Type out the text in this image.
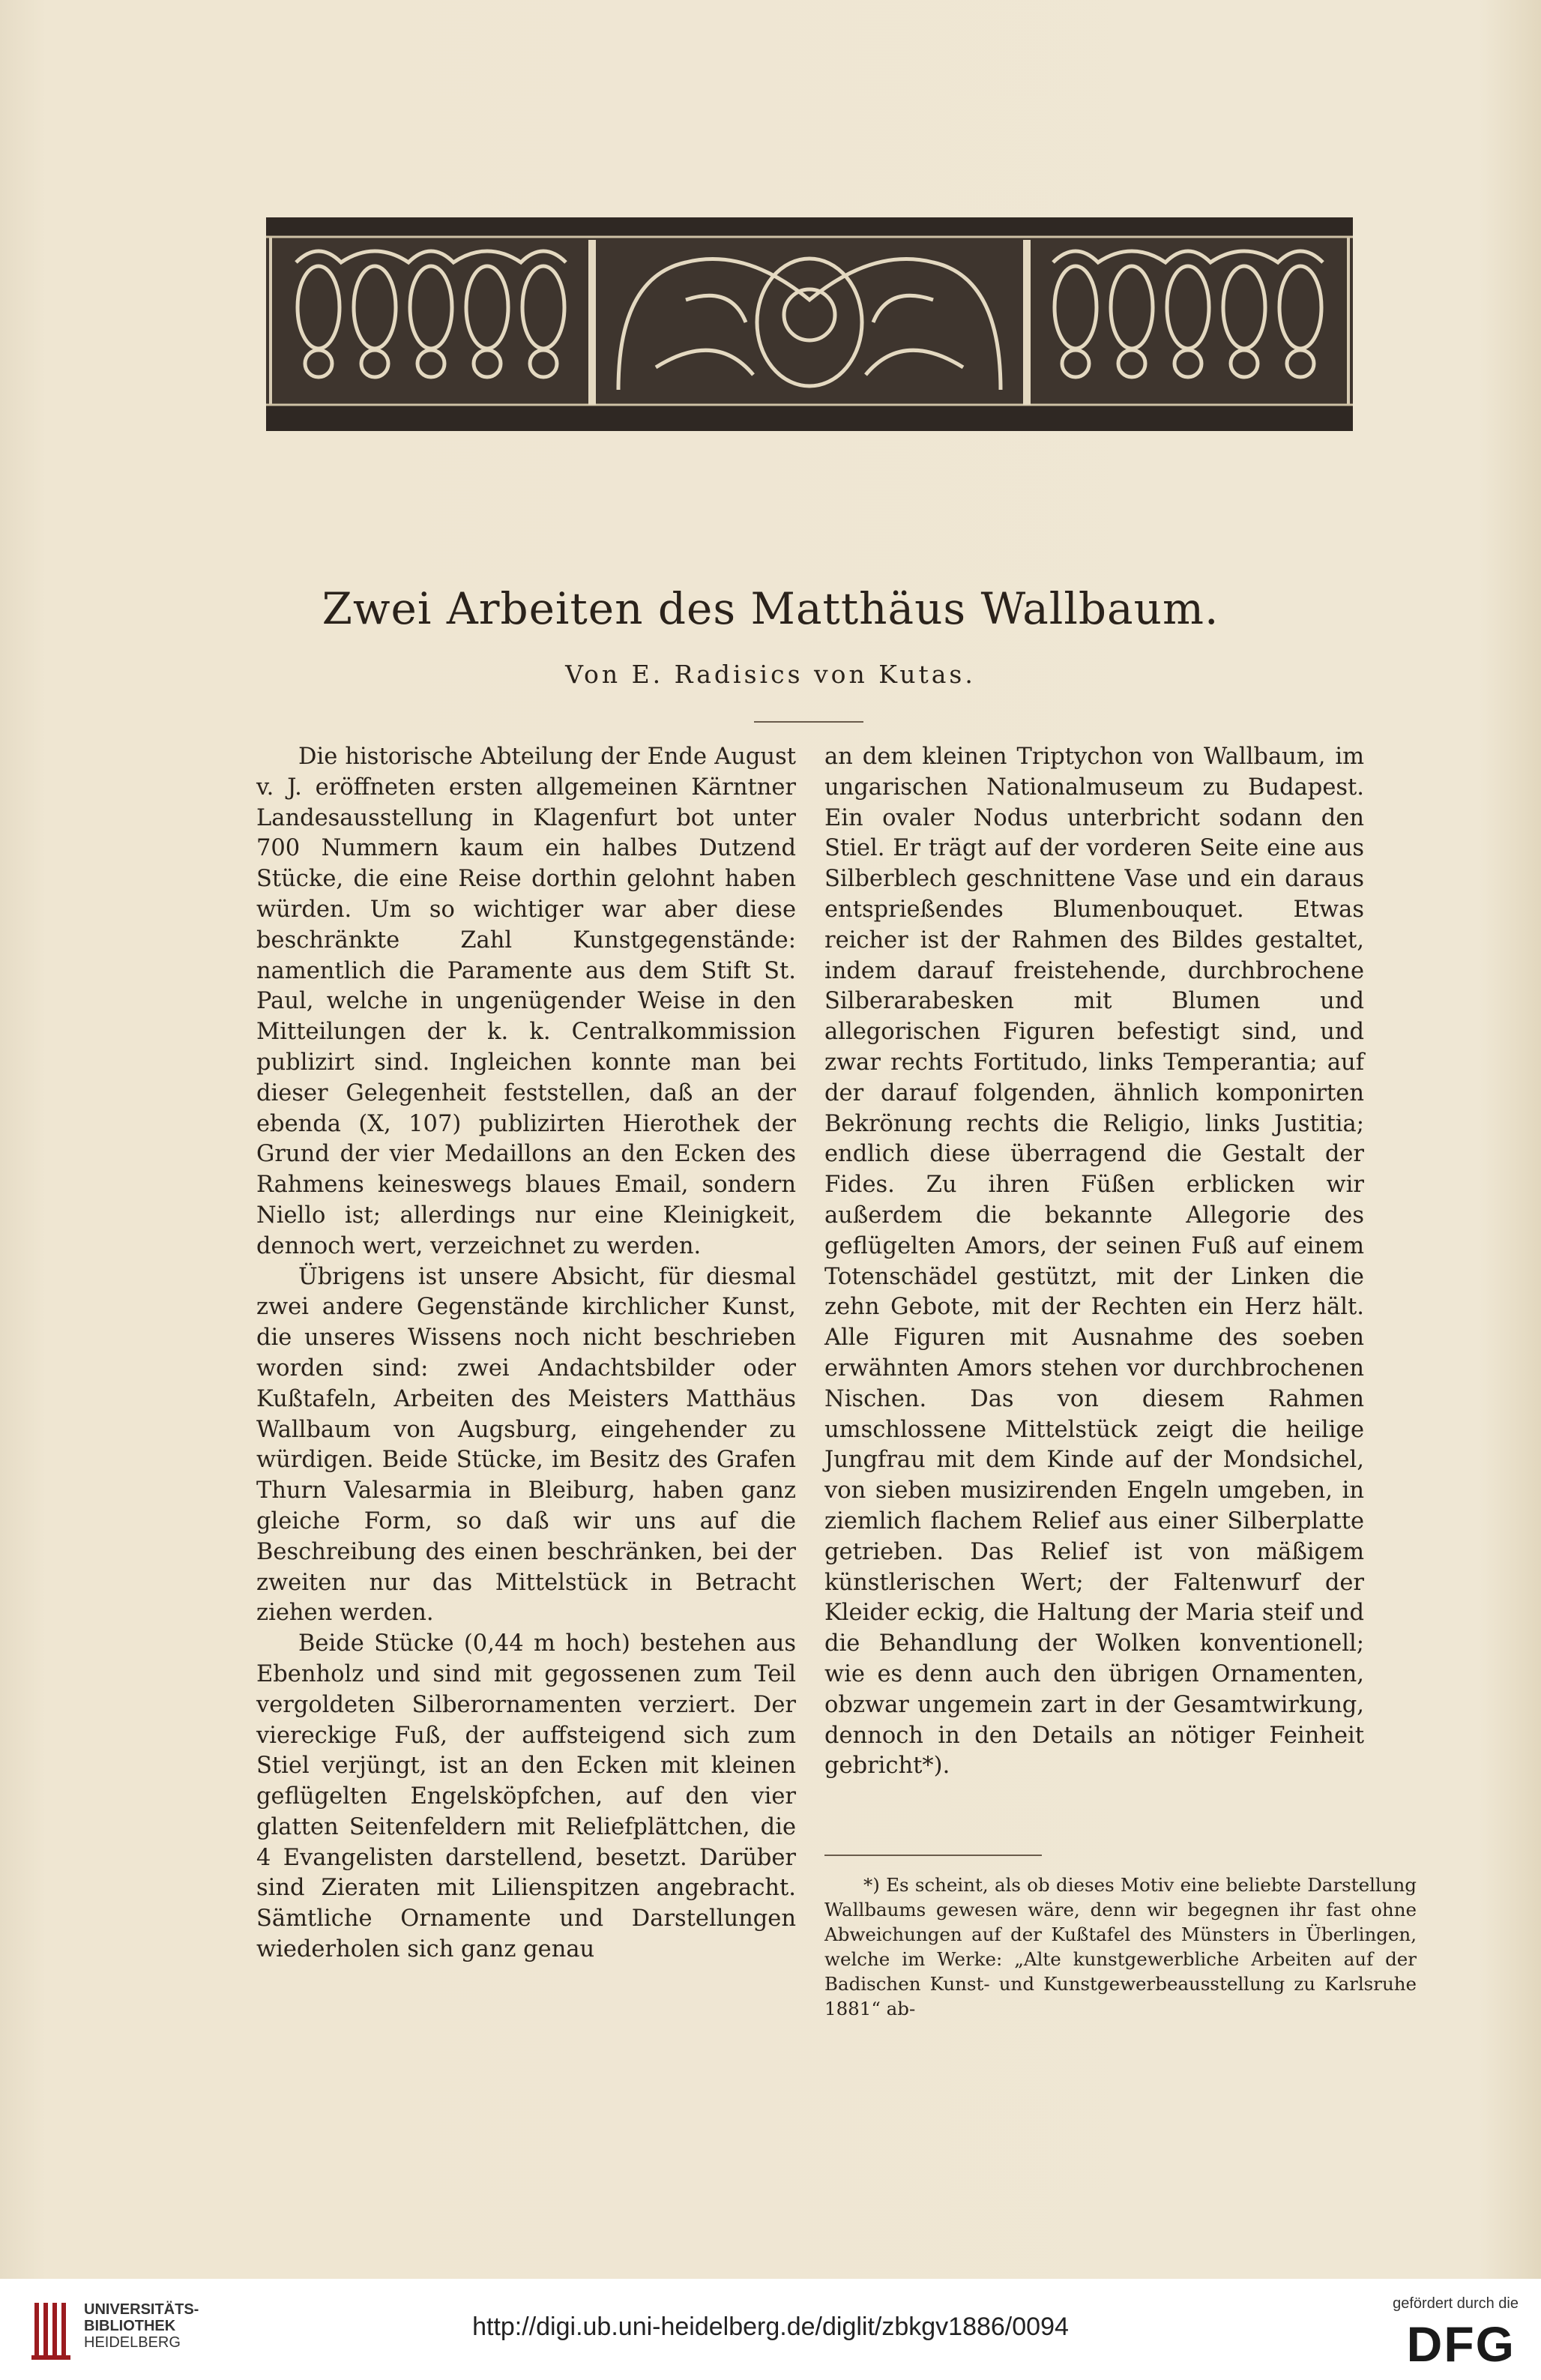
Zwei Arbeiten des Matthäus Wallbaum.
Von E. Radisics von Kutas.

Die historische Abteilung der Ende August v. J. eröffneten ersten allgemeinen Kärntner Landesausstellung in Klagenfurt bot unter 700 Nummern kaum ein halbes Dutzend Stücke, die eine Reise dorthin gelohnt haben würden. Um so wichtiger war aber diese beschränkte Zahl Kunstgegenstände: namentlich die Paramente aus dem Stift St. Paul, welche in ungenügender Weise in den Mitteilungen der k. k. Centralkommission publizirt sind. Ingleichen konnte man bei dieser Gelegenheit feststellen, daß an der ebenda (X, 107) publizirten Hierothek der Grund der vier Medaillons an den Ecken des Rahmens keineswegs blaues Email, sondern Niello ist; allerdings nur eine Kleinigkeit, dennoch wert, verzeichnet zu werden.

Übrigens ist unsere Absicht, für diesmal zwei andere Gegenstände kirchlicher Kunst, die unseres Wissens noch nicht beschrieben worden sind: zwei Andachtsbilder oder Kußtafeln, Arbeiten des Meisters Matthäus Wallbaum von Augsburg, eingehender zu würdigen. Beide Stücke, im Besitz des Grafen Thurn Valesarmia in Bleiburg, haben ganz gleiche Form, so daß wir uns auf die Beschreibung des einen beschränken, bei der zweiten nur das Mittelstück in Betracht ziehen werden.

Beide Stücke (0,44 m hoch) bestehen aus Ebenholz und sind mit gegossenen zum Teil vergoldeten Silberornamenten verziert. Der viereckige Fuß, der auffsteigend sich zum Stiel verjüngt, ist an den Ecken mit kleinen geflügelten Engelsköpfchen, auf den vier glatten Seitenfeldern mit Reliefplättchen, die 4 Evangelisten darstellend, besetzt. Darüber sind Zieraten mit Lilienspitzen angebracht. Sämtliche Ornamente und Darstellungen wiederholen sich ganz genau

an dem kleinen Triptychon von Wallbaum, im ungarischen Nationalmuseum zu Budapest. Ein ovaler Nodus unterbricht sodann den Stiel. Er trägt auf der vorderen Seite eine aus Silberblech geschnittene Vase und ein daraus entsprießendes Blumenbouquet. Etwas reicher ist der Rahmen des Bildes gestaltet, indem darauf freistehende, durchbrochene Silberarabesken mit Blumen und allegorischen Figuren befestigt sind, und zwar rechts Fortitudo, links Temperantia; auf der darauf folgenden, ähnlich komponirten Bekrönung rechts die Religio, links Justitia; endlich diese überragend die Gestalt der Fides. Zu ihren Füßen erblicken wir außerdem die bekannte Allegorie des geflügelten Amors, der seinen Fuß auf einem Totenschädel gestützt, mit der Linken die zehn Gebote, mit der Rechten ein Herz hält. Alle Figuren mit Ausnahme des soeben erwähnten Amors stehen vor durchbrochenen Nischen. Das von diesem Rahmen umschlossene Mittelstück zeigt die heilige Jungfrau mit dem Kinde auf der Mondsichel, von sieben musizirenden Engeln umgeben, in ziemlich flachem Relief aus einer Silberplatte getrieben. Das Relief ist von mäßigem künstlerischen Wert; der Faltenwurf der Kleider eckig, die Haltung der Maria steif und die Behandlung der Wolken konventionell; wie es denn auch den übrigen Ornamenten, obzwar ungemein zart in der Gesamtwirkung, dennoch in den Details an nötiger Feinheit gebricht*).

*) Es scheint, als ob dieses Motiv eine beliebte Darstellung Wallbaums gewesen wäre, denn wir begegnen ihr fast ohne Abweichungen auf der Kußtafel des Münsters in Überlingen, welche im Werke: „Alte kunstgewerbliche Arbeiten auf der Badischen Kunst- und Kunstgewerbeausstellung zu Karlsruhe 1881“ ab-
UNIVERSITÄTS-
BIBLIOTHEK
HEIDELBERG
http://digi.ub.uni-heidelberg.de/diglit/zbkgv1886/0094
gefördert durch die
DFG
